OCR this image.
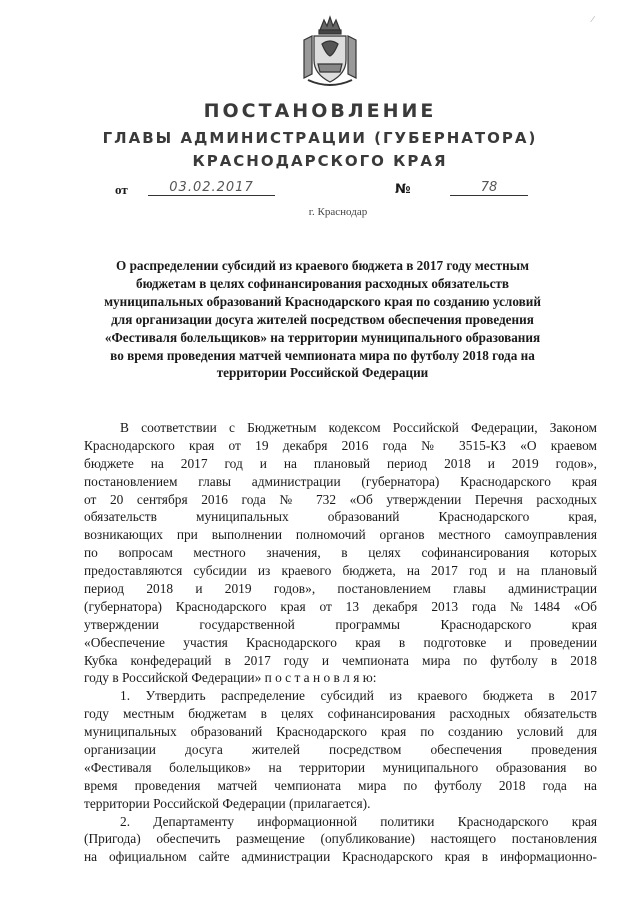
∕
ПОСТАНОВЛЕНИЕ
ГЛАВЫ АДМИНИСТРАЦИИ (ГУБЕРНАТОРА)
КРАСНОДАРСКОГО КРАЯ
от	03.02.2017	№	78
г. Краснодар
О распределении субсидий из краевого бюджета в 2017 году местным
бюджетам в целях софинансирования расходных обязательств
муниципальных образований Краснодарского края по созданию условий
для организации досуга жителей посредством обеспечения проведения
«Фестиваля болельщиков» на территории муниципального образования
во время проведения матчей чемпионата мира по футболу 2018 года на
территории Российской Федерации
В соответствии с Бюджетным кодексом Российской Федерации, Законом
Краснодарского края от 19 декабря 2016 года № 3515-КЗ «О краевом
бюджете на 2017 год и на плановый период 2018 и 2019 годов»,
постановлением главы администрации (губернатора) Краснодарского края
от 20 сентября 2016 года № 732 «Об утверждении Перечня расходных
обязательств муниципальных образований Краснодарского края,
возникающих при выполнении полномочий органов местного самоуправления
по вопросам местного значения, в целях софинансирования которых
предоставляются субсидии из краевого бюджета, на 2017 год и на плановый
период 2018 и 2019 годов», постановлением главы администрации
(губернатора) Краснодарского края от 13 декабря 2013 года №1484 «Об
утверждении государственной программы Краснодарского края
«Обеспечение участия Краснодарского края в подготовке и проведении
Кубка конфедераций в 2017 году и чемпионата мира по футболу в 2018
году в Российской Федерации» п о с т а н о в л я ю:
1. Утвердить распределение субсидий из краевого бюджета в 2017
году местным бюджетам в целях софинансирования расходных обязательств
муниципальных образований Краснодарского края по созданию условий для
организации досуга жителей посредством обеспечения проведения
«Фестиваля болельщиков» на территории муниципального образования во
время проведения матчей чемпионата мира по футболу 2018 года на
территории Российской Федерации (прилагается).
2. Департаменту информационной политики Краснодарского края
(Пригода) обеспечить размещение (опубликование) настоящего постановления
на официальном сайте администрации Краснодарского края в информационно-
